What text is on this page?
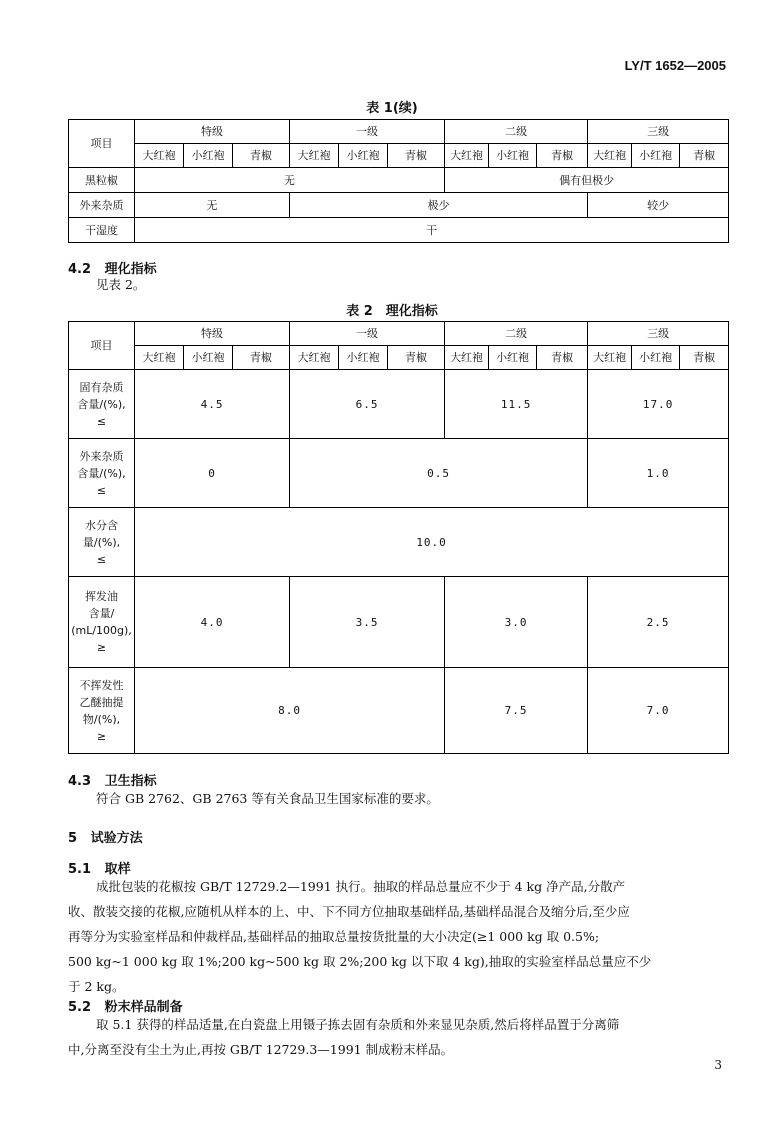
LY/T 1652—2005
表 1(续)
项目	特级			一级			二级			三级		
	大红袍	小红袍	青椒	大红袍	小红袍	青椒	大红袍	小红袍	青椒	大红袍	小红袍	青椒
黑粒椒	无						偶有但极少					
外来杂质	无			极少						较少		
干湿度	干											
4.2 理化指标
见表 2。
表 2　理化指标
项目	特级			一级			二级			三级		
	大红袍	小红袍	青椒	大红袍	小红袍	青椒	大红袍	小红袍	青椒	大红袍	小红袍	青椒

固有杂质
含量/(%),
≤	4.5			6.5			11.5			17.0		

外来杂质
含量/(%),
≤	0			0.5						1.0		

水分含
量/(%),
≤	10.0											

挥发油
含量/
(mL/100g),
≥	4.0			3.5			3.0			2.5		

不挥发性
乙醚抽提
物/(%),
≥	8.0						7.5			7.0		
4.3 卫生指标
符合 GB 2762、GB 2763 等有关食品卫生国家标准的要求。
5 试验方法
5.1 取样
成批包装的花椒按 GB/T 12729.2—1991 执行。抽取的样品总量应不少于 4 kg 净产品,分散产
收、散装交接的花椒,应随机从样本的上、中、下不同方位抽取基础样品,基础样品混合及缩分后,至少应
再等分为实验室样品和仲裁样品,基础样品的抽取总量按货批量的大小决定(≥1 000 kg 取 0.5%;
500 kg~1 000 kg 取 1%;200 kg~500 kg 取 2%;200 kg 以下取 4 kg),抽取的实验室样品总量应不少
于 2 kg。
5.2 粉末样品制备
取 5.1 获得的样品适量,在白瓷盘上用镊子拣去固有杂质和外来显见杂质,然后将样品置于分离筛
中,分离至没有尘土为止,再按 GB/T 12729.3—1991 制成粉末样品。
3
